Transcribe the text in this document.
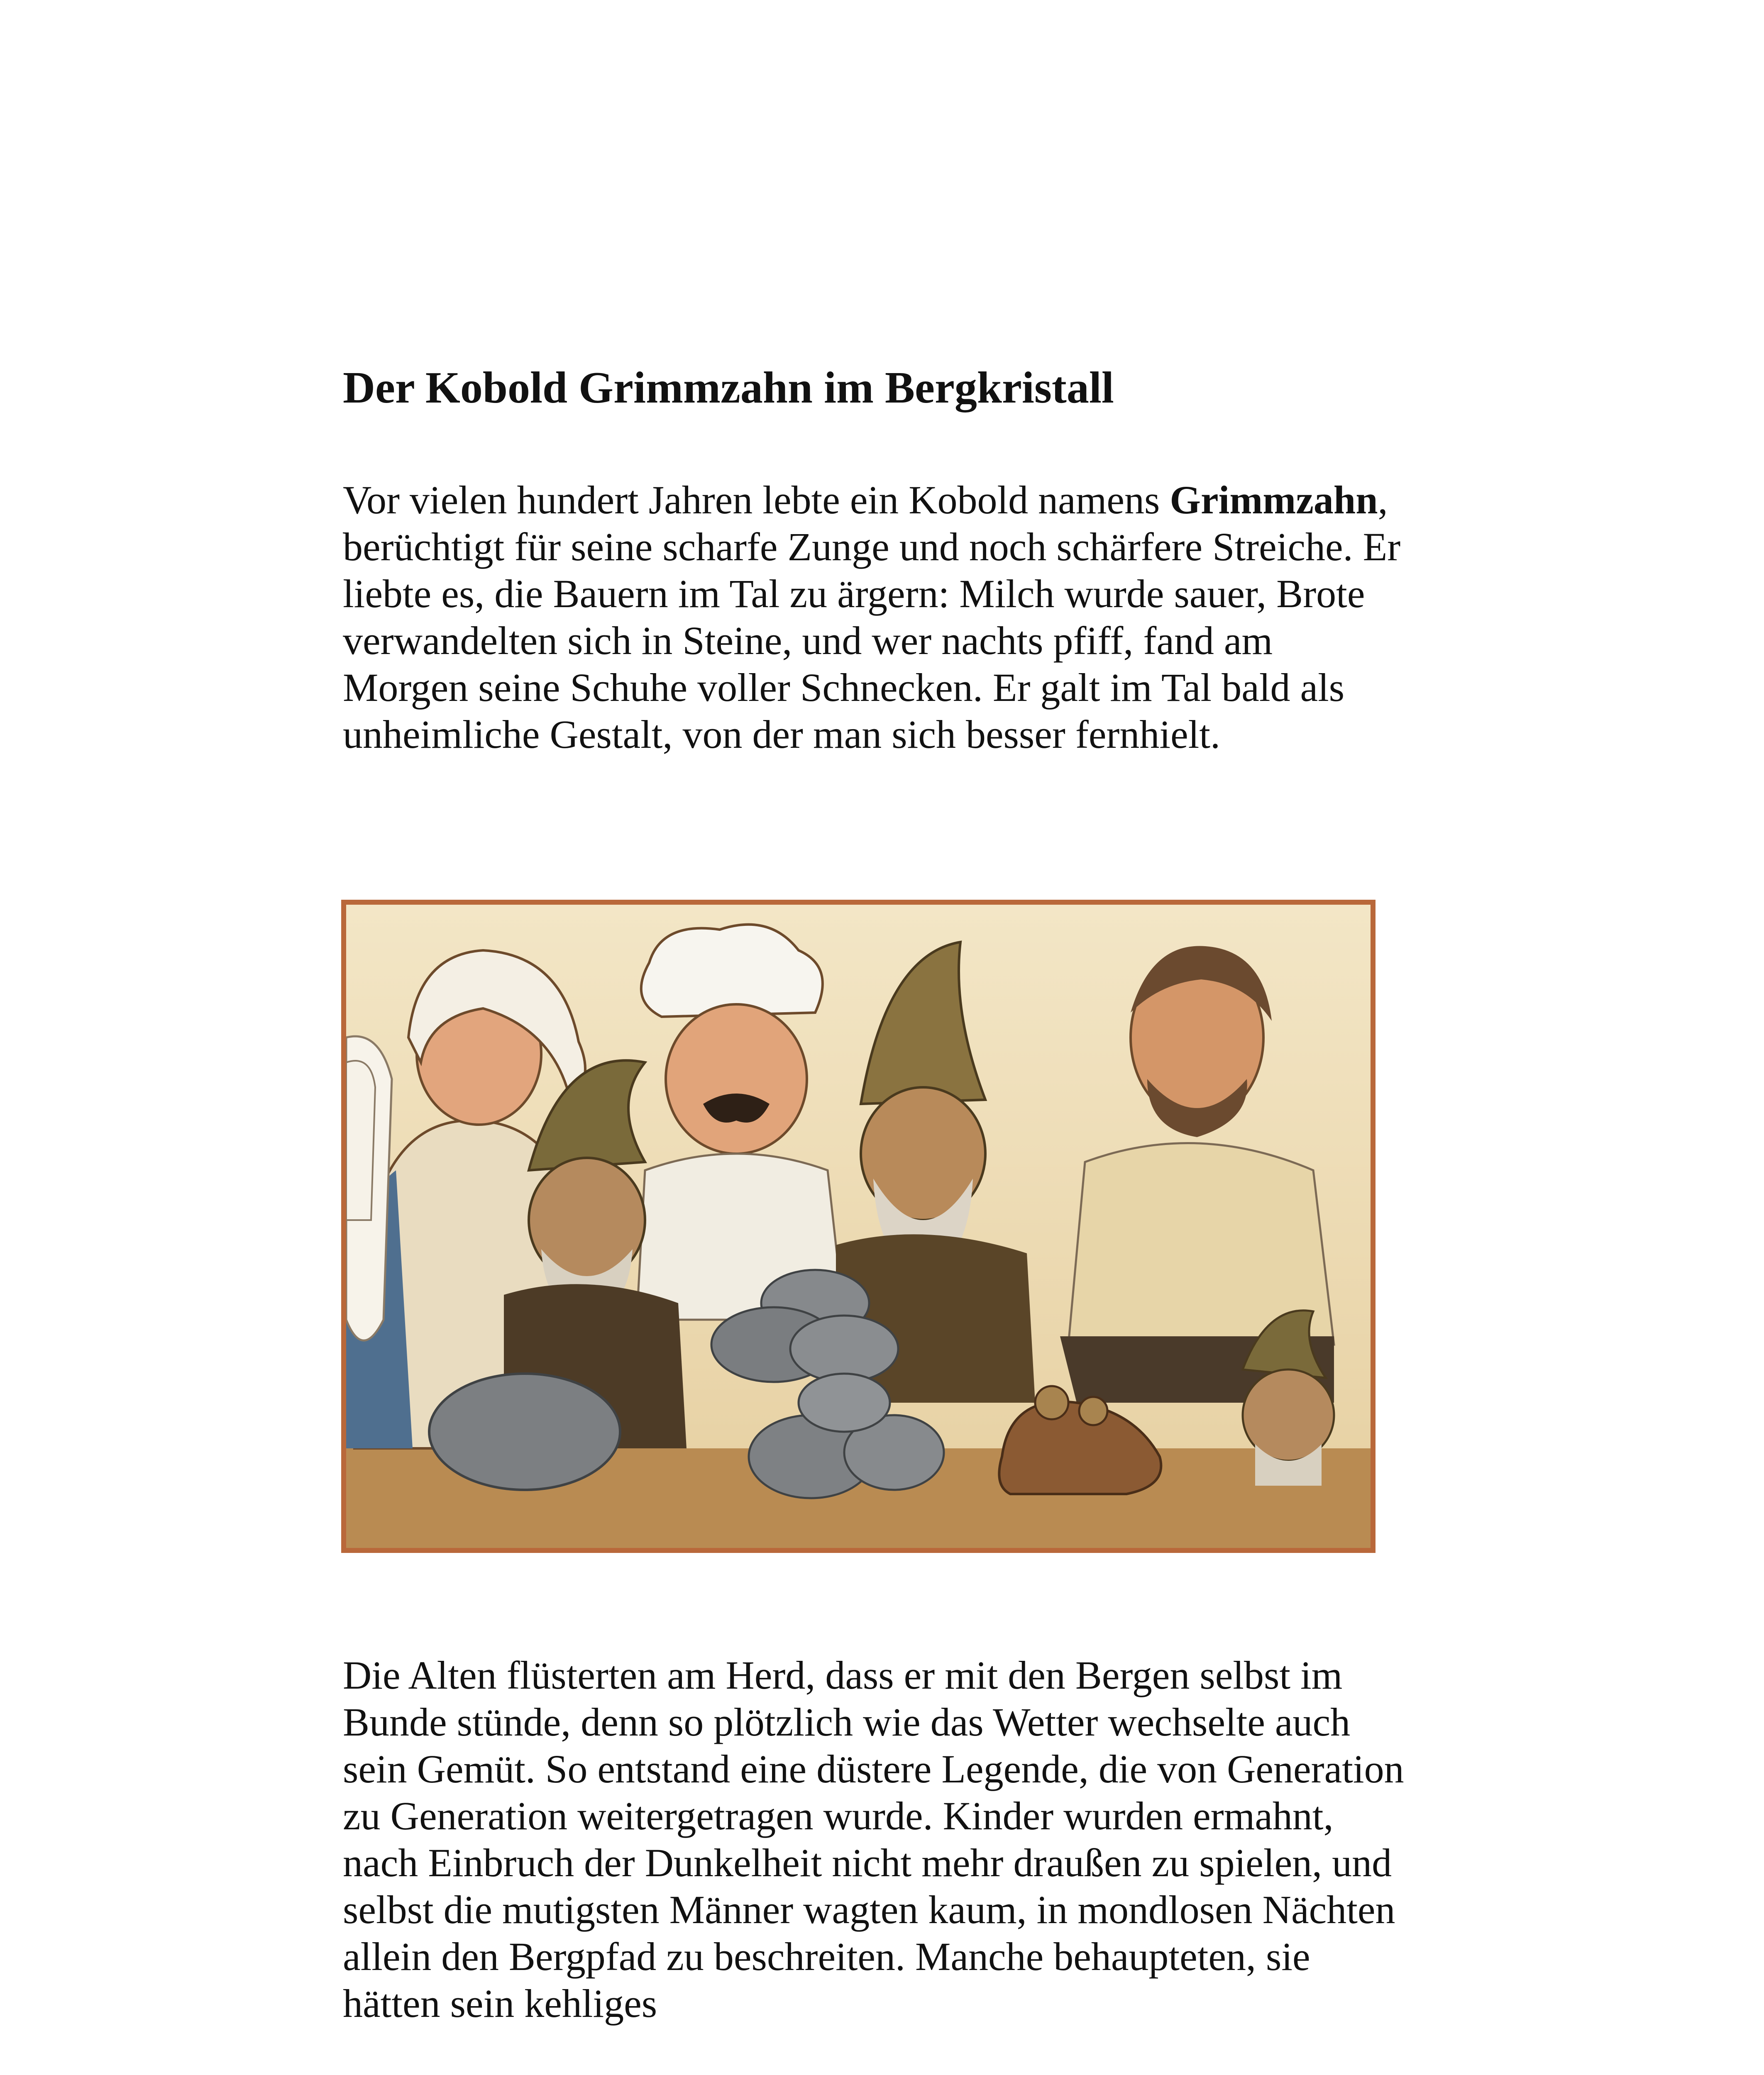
Der Kobold Grimmzahn im Bergkristall

Vor vielen hundert Jahren lebte ein Kobold namens Grimmzahn, berüchtigt für seine scharfe Zunge und noch schärfere Streiche. Er liebte es, die Bauern im Tal zu ärgern: Milch wurde sauer, Brote verwandelten sich in Steine, und wer nachts pfiff, fand am Morgen seine Schuhe voller Schnecken. Er galt im Tal bald als unheimliche Gestalt, von der man sich besser fernhielt.

Die Alten flüsterten am Herd, dass er mit den Bergen selbst im Bunde stünde, denn so plötzlich wie das Wetter wechselte auch sein Gemüt. So entstand eine düstere Legende, die von Generation zu Generation weitergetragen wurde. Kinder wurden ermahnt, nach Einbruch der Dunkelheit nicht mehr draußen zu spielen, und selbst die mutigsten Männer wagten kaum, in mondlosen Nächten allein den Bergpfad zu beschreiten. Manche behaupteten, sie hätten sein kehliges
